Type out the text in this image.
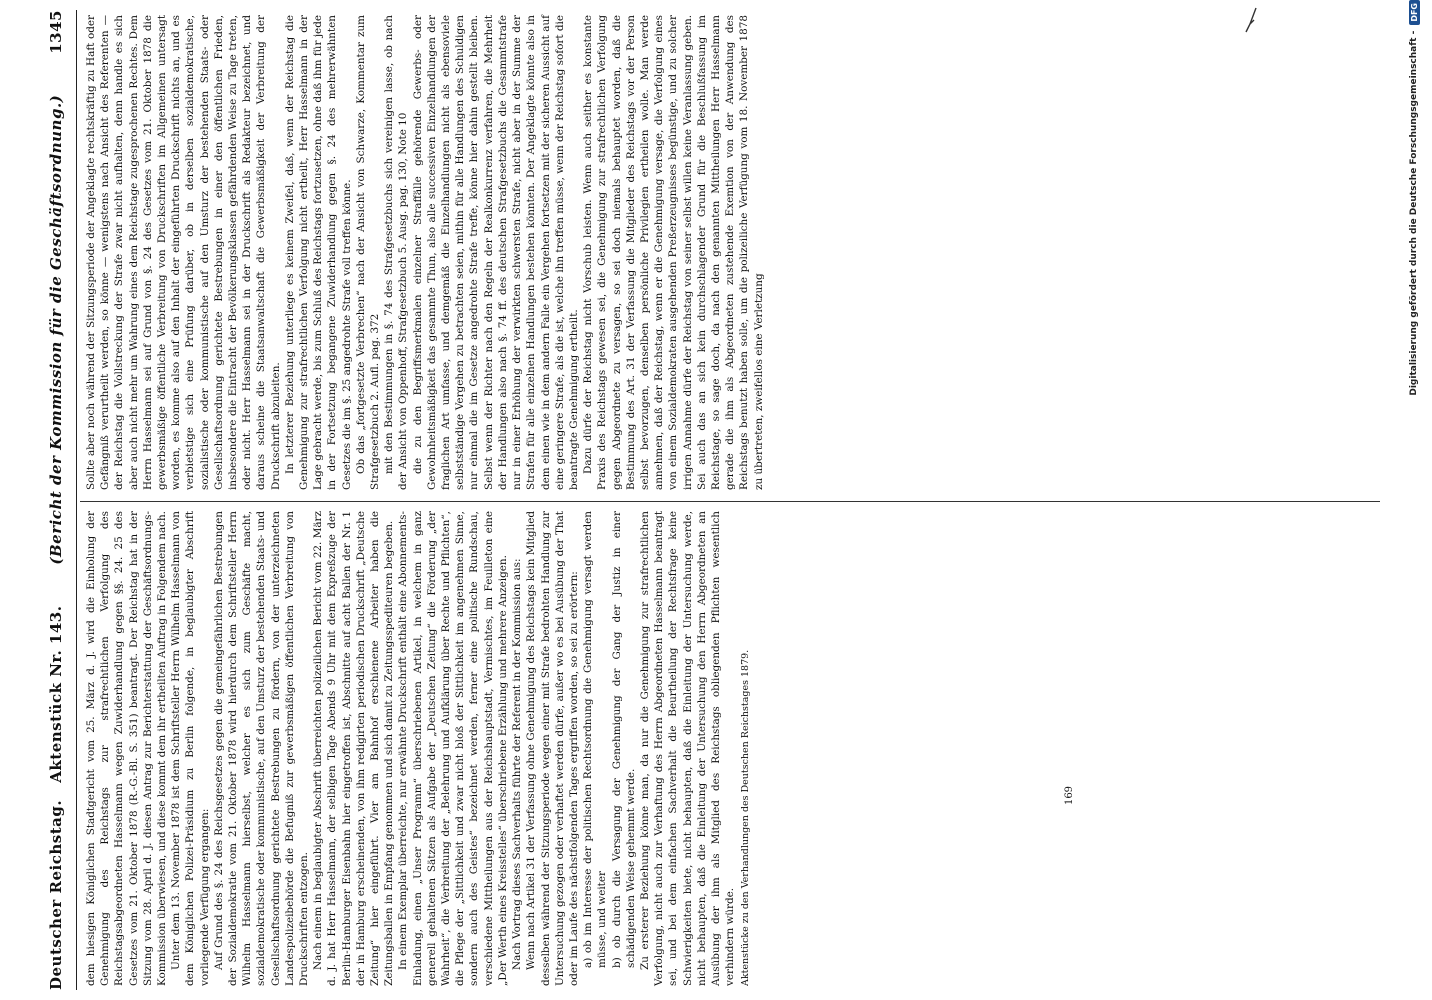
Deutscher Reichstag.   Aktenstück Nr. 143.
(Bericht der Kommission für die Geschäftsordnung.)
1345

dem hiesigen Königlichen Stadtgericht vom 25. März d. J. wird die Einholung der Genehmigung des Reichstags zur strafrechtlichen Verfolgung des Reichstagsabgeordneten Hasselmann wegen Zuwiderhandlung gegen §§. 24. 25 des Gesetzes vom 21. Oktober 1878 (R.-G.-Bl. S. 351) beantragt. Der Reichstag hat in der Sitzung vom 28. April d. J. diesen Antrag zur Berichterstattung der Geschäftsordnungs-Kommission überwiesen, und diese kommt dem ihr ertheilten Auftrag in Folgendem nach. Unter dem 13. November 1878 ist dem Schriftsteller Herrn Wilhelm Hasselmann von dem Königlichen Polizei-Präsidium zu Berlin folgende, in beglaubigter Abschrift vorliegende Verfügung ergangen: Auf Grund des §. 24 des Reichsgesetzes gegen die gemeingefährlichen Bestrebungen der Sozialdemokratie vom 21. Oktober 1878 wird hierdurch dem Schriftsteller Herrn Wilhelm Hasselmann hierselbst, welcher es sich zum Geschäfte macht, sozialdemokratische oder kommunistische, auf den Umsturz der bestehenden Staats- und Gesellschaftsordnung gerichtete Bestrebungen zu fördern, von der unterzeichneten Landespolizeibehörde die Befugniß zur gewerbsmäßigen öffentlichen Verbreitung von Druckschriften entzogen. Nach einem in beglaubigter Abschrift überreichten polizeilichen Bericht vom 22. März d. J. hat Herr Hasselmann, der selbigen Tage Abends 9 Uhr mit dem Expreßzuge der Berlin-Hamburger Eisenbahn hier eingetroffen ist, Abschnitte auf acht Ballen der Nr. 1 der in Hamburg erscheinenden, von ihm redigirten periodischen Druckschrift „Deutsche Zeitung“ hier eingeführt. Vier am Bahnhof erschienene Arbeiter haben die Zeitungsballen in Empfang genommen und sich damit zu Zeitungsspediteuren begeben. In einem Exemplar überreichte, nur erwähnte Druckschrift enthält eine Abonnements-Einladung, einen „Unser Programm“ überschriebenen Artikel, in welchem in ganz generell gehaltenen Sätzen als Aufgabe der „Deutschen Zeitung“ die Förderung „der Wahrheit“, die Verbreitung der „Belehrung und Aufklärung über Rechte und Pflichten“, die Pflege der „Sittlichkeit und zwar nicht bloß der Sittlichkeit im angenehmen Sinne, sondern auch des Geistes“ bezeichnet werden, ferner eine politische Rundschau, verschiedene Mittheilungen aus der Reichshauptstadt, Vermischtes, im Feuilleton eine „Der Werth eines Kreisstelles“ überschriebene Erzählung und mehrere Anzeigen. Nach Vortrag dieses Sachverhalts führte der Referent in der Kommission aus: Wenn nach Artikel 31 der Verfassung ohne Genehmigung des Reichstags kein Mitglied desselben während der Sitzungsperiode wegen einer mit Strafe bedrohten Handlung zur Untersuchung gezogen oder verhaftet werden dürfe, außer wo es bei Ausübung der That oder im Laufe des nächstfolgenden Tages ergriffen worden, so sei zu erörtern: a) ob im Interesse der politischen Rechtsordnung die Genehmigung versagt werden müsse, und weiter b) ob durch die Versagung der Genehmigung der Gang der Justiz in einer schädigenden Weise gehemmt werde. Zu ersterer Beziehung könne man, da nur die Genehmigung zur strafrechtlichen Verfolgung, nicht auch zur Verhaftung des Herrn Abgeordneten Hasselmann beantragt sei, und bei dem einfachen Sachverhalt die Beurtheilung der Rechtsfrage keine Schwierigkeiten biete, nicht behaupten, daß die Einleitung der Untersuchung werde, nicht behaupten, daß die Einleitung der Untersuchung den Herrn Abgeordneten an Ausübung der ihm als Mitglied des Reichstags obliegenden Pflichten wesentlich verhindern würde. Aktenstücke zu den Verhandlungen des Deutschen Reichstages 1879.

Sollte aber noch während der Sitzungsperiode der Angeklagte rechtskräftig zu Haft oder Gefängniß verurtheilt werden, so könne — wenigstens nach Ansicht des Referenten — der Reichstag die Vollstreckung der Strafe zwar nicht aufhalten, denn handle es sich aber auch nicht mehr um Wahrung eines dem Reichstage zugesprochenen Rechtes. Dem Herrn Hasselmann sei auf Grund von §. 24 des Gesetzes vom 21. Oktober 1878 die gewerbsmäßige öffentliche Verbreitung von Druckschriften im Allgemeinen untersagt worden, es komme also auf den Inhalt der eingeführten Druckschrift nichts an, und es verbietstige sich eine Prüfung darüber, ob in derselben sozialdemokratische, sozialistische oder kommunistische auf den Umsturz der bestehenden Staats- oder Gesellschaftsordnung gerichtete Bestrebungen in einer den öffentlichen Frieden, insbesondere die Eintracht der Bevölkerungsklassen gefährdenden Weise zu Tage treten, oder nicht. Herr Hasselmann sei in der Druckschrift als Redakteur bezeichnet, und daraus scheine die Staatsanwaltschaft die Gewerbsmäßigkeit der Verbreitung der Druckschrift abzuleiten. In letzterer Beziehung unterliege es keinem Zweifel, daß, wenn der Reichstag die Genehmigung zur strafrechtlichen Verfolgung nicht ertheilt, Herr Hasselmann in der Lage gebracht werde, bis zum Schluß des Reichstags fortzusetzen, ohne daß ihm für jede in der Fortsetzung begangene Zuwiderhandlung gegen §. 24 des mehrerwähnten Gesetzes die im §. 25 angedrohte Strafe voll treffen könne. Ob das „fortgesetzte Verbrechen“ nach der Ansicht von Schwarze, Kommentar zum Strafgesetzbuch 2. Aufl. pag. 372 mit den Bestimmungen in §. 74 des Strafgesetzbuchs sich vereinigen lasse, ob nach der Ansicht von Oppenhoff, Strafgesetzbuch 5. Ausg. pag. 130, Note 10 die zu den Begriffsmerkmalen einzelner Straffälle gehörende Gewerbs- oder Gewohnheitsmäßigkeit das gesammte Thun, also alle successiven Einzelhandlungen der fraglichen Art umfasse, und demgemäß die Einzelhandlungen nicht als ebensoviele selbstständige Vergehen zu betrachten seien, mithin für alle Handlungen des Schuldigen nur einmal die im Gesetze angedrohte Strafe treffe, könne hier dahin gestellt bleiben. Selbst wenn der Richter nach den Regeln der Realkonkurrenz verfahren, die Mehrheit der Handlungen also nach §. 74 ff. des deutschen Strafgesetzbuchs die Gesammtstrafe nur in einer Erhöhung der verwirkten schwersten Strafe, nicht aber in der Summe der Strafen für alle einzelnen Handlungen bestehen könnten. Der Angeklagte könnte also in dem einen wie in dem andern Falle ein Vergehen fortsetzen mit der sicheren Aussicht auf eine geringere Strafe, als die ist, welche ihn treffen müsse, wenn der Reichstag sofort die beantragte Genehmigung ertheilt. Dazu dürfe der Reichstag nicht Vorschub leisten. Wenn auch seither es konstante Praxis des Reichstags gewesen sei, die Genehmigung zur strafrechtlichen Verfolgung gegen Abgeordnete zu versagen, so sei doch niemals behauptet worden, daß die Bestimmung des Art. 31 der Verfassung die Mitglieder des Reichstags vor der Person selbst bevorzugen, denselben persönliche Privilegien ertheilen wolle. Man werde annehmen, daß der Reichstag, wenn er die Genehmigung versage, die Verfolgung eines von einem Sozialdemokraten ausgehenden Preßerzeugnisses begünstige, und zu solcher irrigen Annahme dürfe der Reichstag von seiner selbst willen keine Veranlassung geben. Sei auch das an sich kein durchschlagender Grund für die Beschlußfassung im Reichstage, so sage doch, da nach den genannten Mittheilungen Herr Hasselmann gerade die ihm als Abgeordneten zustehende Exemtion von der Anwendung des Reichstags benutzt haben solle, um die polizeiliche Verfügung vom 18. November 1878 zu übertreten, zweifellos eine Verletzung	Digitalisierung gefördert durch die Deutsche Forschungsgemeinschaft -
DFG
169
